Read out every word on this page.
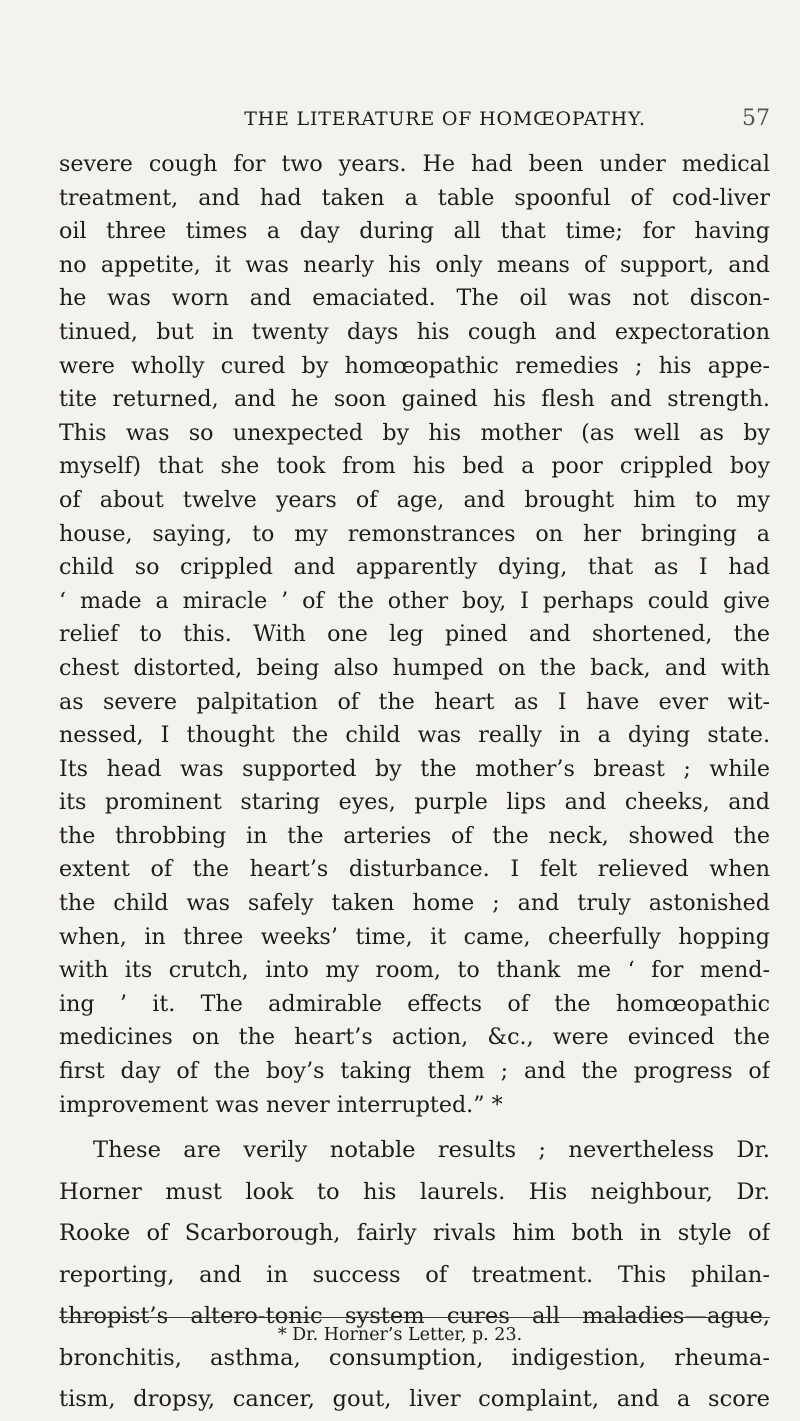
THE LITERATURE OF HOMŒOPATHY.	57
severe cough for two years. He had been under medical
treatment, and had taken a table spoonful of cod-liver
oil three times a day during all that time; for having
no appetite, it was nearly his only means of support, and
he was worn and emaciated. The oil was not discon-
tinued, but in twenty days his cough and expectoration
were wholly cured by homœopathic remedies ; his appe-
tite returned, and he soon gained his flesh and strength.
This was so unexpected by his mother (as well as by
myself) that she took from his bed a poor crippled boy
of about twelve years of age, and brought him to my
house, saying, to my remonstrances on her bringing a
child so crippled and apparently dying, that as I had
‘ made a miracle ’ of the other boy, I perhaps could give
relief to this. With one leg pined and shortened, the
chest distorted, being also humped on the back, and with
as severe palpitation of the heart as I have ever wit-
nessed, I thought the child was really in a dying state.
Its head was supported by the mother’s breast ; while
its prominent staring eyes, purple lips and cheeks, and
the throbbing in the arteries of the neck, showed the
extent of the heart’s disturbance. I felt relieved when
the child was safely taken home ; and truly astonished
when, in three weeks’ time, it came, cheerfully hopping
with its crutch, into my room, to thank me ‘ for mend-
ing ’ it. The admirable effects of the homœopathic
medicines on the heart’s action, &c., were evinced the
first day of the boy’s taking them ; and the progress of
improvement was never interrupted.” *
These are verily notable results ; nevertheless Dr.
Horner must look to his laurels. His neighbour, Dr.
Rooke of Scarborough, fairly rivals him both in style of
reporting, and in success of treatment. This philan-
thropist’s altero-tonic system cures all maladies—ague,
bronchitis, asthma, consumption, indigestion, rheuma-
tism, dropsy, cancer, gout, liver complaint, and a score
* Dr. Horner’s Letter, p. 23.
